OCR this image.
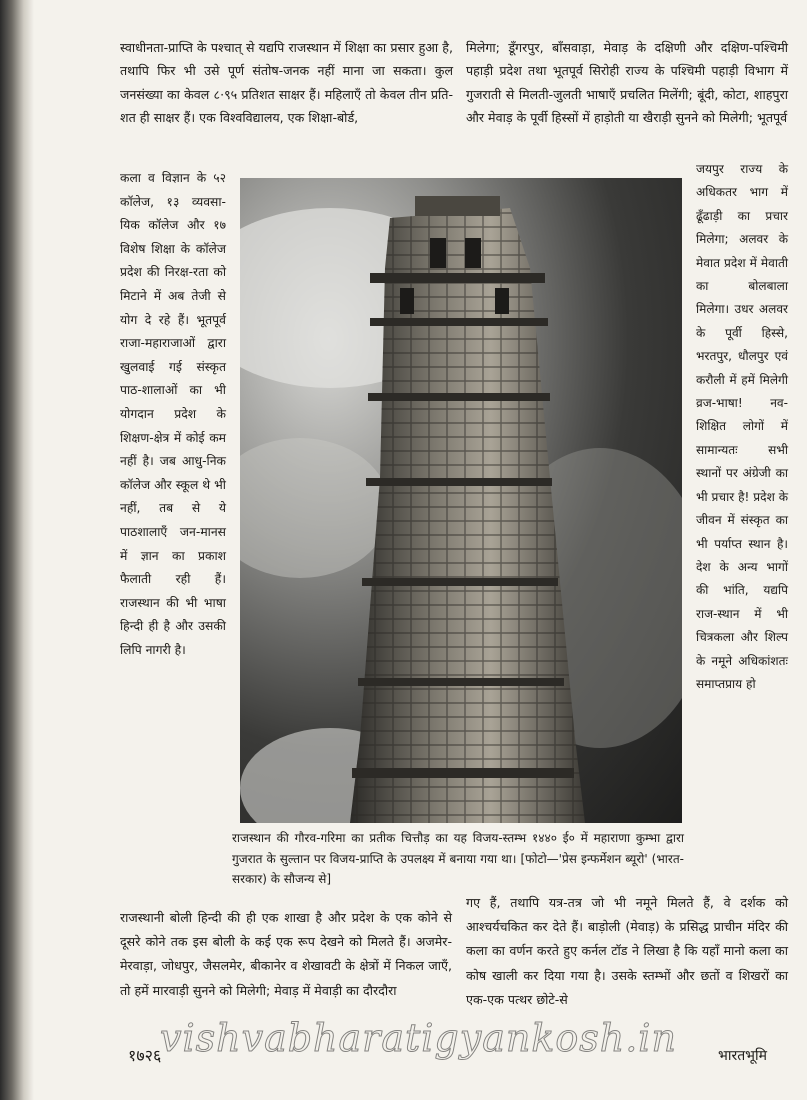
स्वाधीनता-प्राप्ति के पश्चात् से यद्यपि राजस्थान में शिक्षा का प्रसार हुआ है, तथापि फिर भी उसे पूर्ण संतोष-जनक नहीं माना जा सकता। कुल जनसंख्या का केवल ८·९५ प्रतिशत साक्षर हैं। महिलाएँ तो केवल तीन प्रति-शत ही साक्षर हैं। एक विश्वविद्यालय, एक शिक्षा-बोर्ड,

मिलेगा; डूँगरपुर, बाँसवाड़ा, मेवाड़ के दक्षिणी और दक्षिण-पश्चिमी पहाड़ी प्रदेश तथा भूतपूर्व सिरोही राज्य के पश्चिमी पहाड़ी विभाग में गुजराती से मिलती-जुलती भाषाएँ प्रचलित मिलेंगी; बूंदी, कोटा, शाहपुरा और मेवाड़ के पूर्वी हिस्सों में हाड़ोती या खैराड़ी सुनने को मिलेगी; भूतपूर्व

कला व विज्ञान के ५२ कॉलेज, १३ व्यवसा-यिक कॉलेज और १७ विशेष शिक्षा के कॉलेज प्रदेश की निरक्ष-रता को मिटाने में अब तेजी से योग दे रहे हैं। भूतपूर्व राजा-महाराजाओं द्वारा खुलवाई गई संस्कृत पाठ-शालाओं का भी योगदान प्रदेश के शिक्षण-क्षेत्र में कोई कम नहीं है। जब आधु-निक कॉलेज और स्कूल थे भी नहीं, तब से ये पाठशालाएँ जन-मानस में ज्ञान का प्रकाश फैलाती रही हैं। राजस्थान की भी भाषा हिन्दी ही है और उसकी लिपि नागरी है।

जयपुर राज्य के अधिकतर भाग में ढूँढाड़ी का प्रचार मिलेगा; अलवर के मेवात प्रदेश में मेवाती का बोलबाला मिलेगा। उधर अलवर के पूर्वी हिस्से, भरतपुर, धौलपुर एवं करौली में हमें मिलेगी व्रज-भाषा! नव-शिक्षित लोगों में सामान्यतः सभी स्थानों पर अंग्रेजी का भी प्रचार है! प्रदेश के जीवन में संस्कृत का भी पर्याप्त स्थान है। देश के अन्य भागों की भांति, यद्यपि राज-स्थान में भी चित्रकला और शिल्प के नमूने अधिकांशतः समाप्तप्राय हो

राजस्थान की गौरव-गरिमा का प्रतीक चित्तौड़ का यह विजय-स्तम्भ १४४० ई० में महाराणा कुम्भा द्वारा गुजरात के सुल्तान पर विजय-प्राप्ति के उपलक्ष्य में बनाया गया था। [फोटो—'प्रेस इन्फर्मेशन ब्यूरो' (भारत-सरकार) के सौजन्य से]

राजस्थानी बोली हिन्दी की ही एक शाखा है और प्रदेश के एक कोने से दूसरे कोने तक इस बोली के कई एक रूप देखने को मिलते हैं। अजमेर-मेरवाड़ा, जोधपुर, जैसलमेर, बीकानेर व शेखावटी के क्षेत्रों में निकल जाएँ, तो हमें मारवाड़ी सुनने को मिलेगी; मेवाड़ में मेवाड़ी का दौरदौरा

गए हैं, तथापि यत्र-तत्र जो भी नमूने मिलते हैं, वे दर्शक को आश्चर्यचकित कर देते हैं। बाड़ोली (मेवाड़) के प्रसिद्ध प्राचीन मंदिर की कला का वर्णन करते हुए कर्नल टॉड ने लिखा है कि यहाँ मानो कला का कोष खाली कर दिया गया है। उसके स्तम्भों और छतों व शिखरों का एक-एक पत्थर छोटे-से

vishvabharatigyankosh.in
१७२६	भारतभूमि
